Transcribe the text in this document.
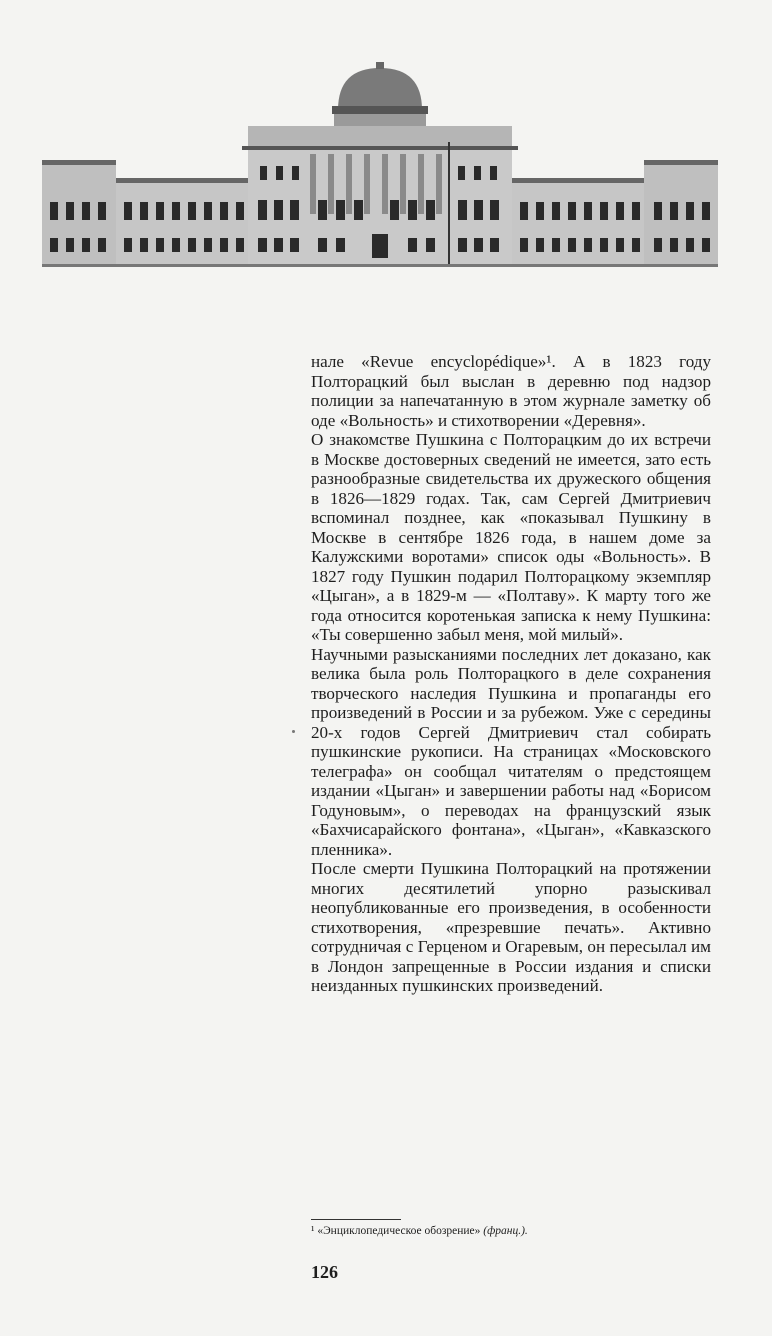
нале «Revue encyclopédique»¹. А в 1823 году Полторацкий был выслан в деревню под надзор полиции за напечатанную в этом журнале заметку об оде «Вольность» и стихотворении «Деревня».

О знакомстве Пушкина с Полторацким до их встречи в Москве достоверных сведений не имеется, зато есть разнообразные свидетельства их дружеского общения в 1826—1829 годах. Так, сам Сергей Дмитриевич вспоминал позднее, как «показывал Пушкину в Москве в сентябре 1826 года, в нашем доме за Калужскими воротами» список оды «Вольность». В 1827 году Пушкин подарил Полторацкому экземпляр «Цыган», а в 1829-м — «Полтаву». К марту того же года относится коротенькая записка к нему Пушкина: «Ты совершенно забыл меня, мой милый».

Научными разысканиями последних лет доказано, как велика была роль Полторацкого в деле сохранения творческого наследия Пушкина и пропаганды его произведений в России и за рубежом. Уже с середины 20-х годов Сергей Дмитриевич стал собирать пушкинские рукописи. На страницах «Московского телеграфа» он сообщал читателям о предстоящем издании «Цыган» и завершении работы над «Борисом Годуновым», о переводах на французский язык «Бахчисарайского фонтана», «Цыган», «Кавказского пленника».

После смерти Пушкина Полторацкий на протяжении многих десятилетий упорно разыскивал неопубликованные его произведения, в особенности стихотворения, «презревшие печать». Активно сотрудничая с Герценом и Огаревым, он пересылал им в Лондон запрещенные в России издания и списки неизданных пушкинских произведений.

¹ «Энциклопедическое обозрение» (франц.).
126
